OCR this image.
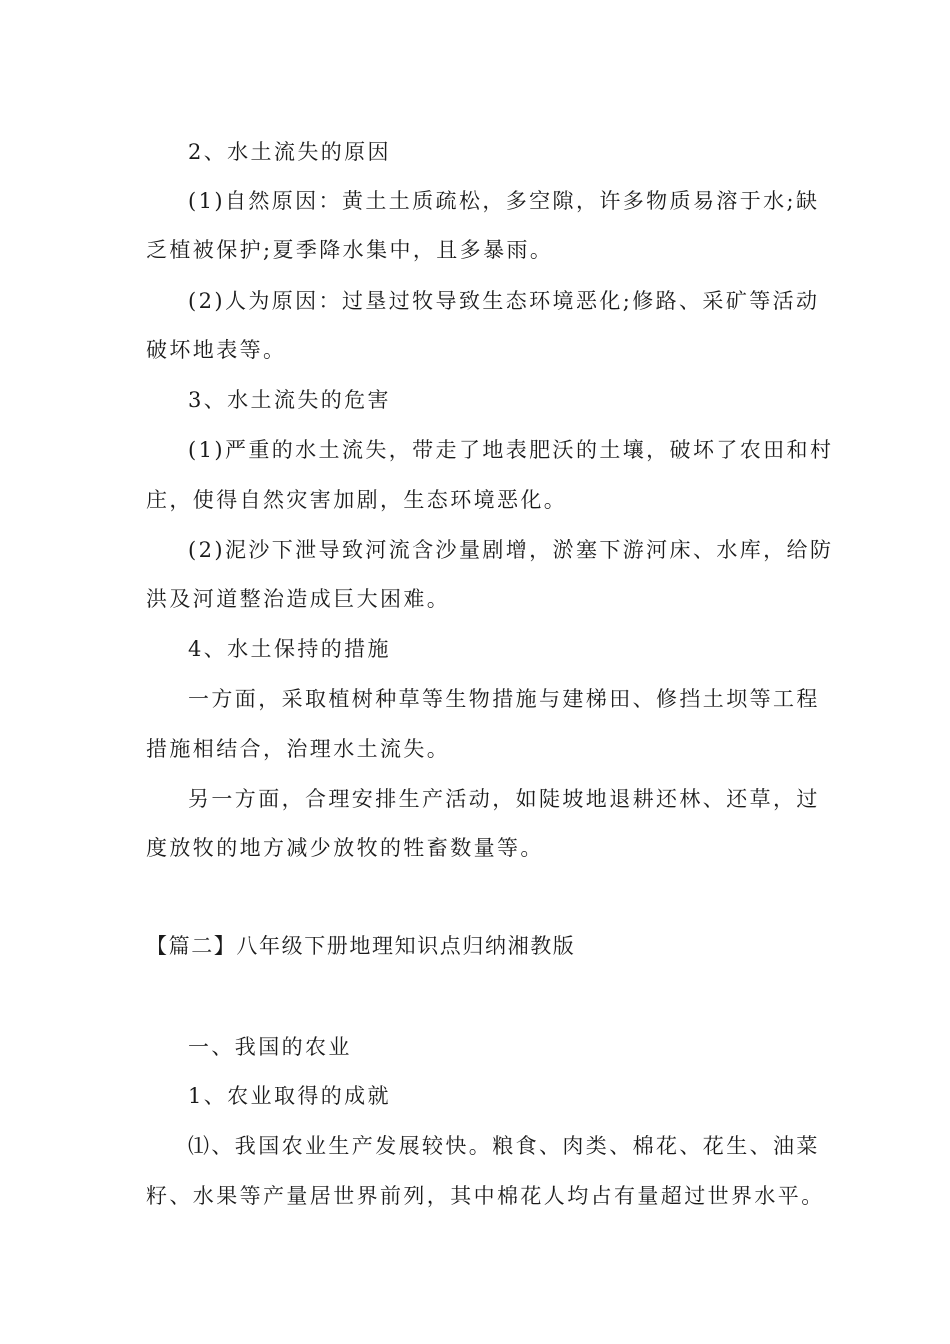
2、水土流失的原因
(1)自然原因：黄土土质疏松，多空隙，许多物质易溶于水;缺
乏植被保护;夏季降水集中，且多暴雨。
(2)人为原因：过垦过牧导致生态环境恶化;修路、采矿等活动
破坏地表等。
3、水土流失的危害
(1)严重的水土流失，带走了地表肥沃的土壤，破坏了农田和村
庄，使得自然灾害加剧，生态环境恶化。
(2)泥沙下泄导致河流含沙量剧增，淤塞下游河床、水库，给防
洪及河道整治造成巨大困难。
4、水土保持的措施
一方面，采取植树种草等生物措施与建梯田、修挡土坝等工程
措施相结合，治理水土流失。
另一方面，合理安排生产活动，如陡坡地退耕还林、还草，过
度放牧的地方减少放牧的牲畜数量等。
【篇二】八年级下册地理知识点归纳湘教版
一、我国的农业
1、农业取得的成就
⑴、我国农业生产发展较快。粮食、肉类、棉花、花生、油菜
籽、水果等产量居世界前列，其中棉花人均占有量超过世界水平。
